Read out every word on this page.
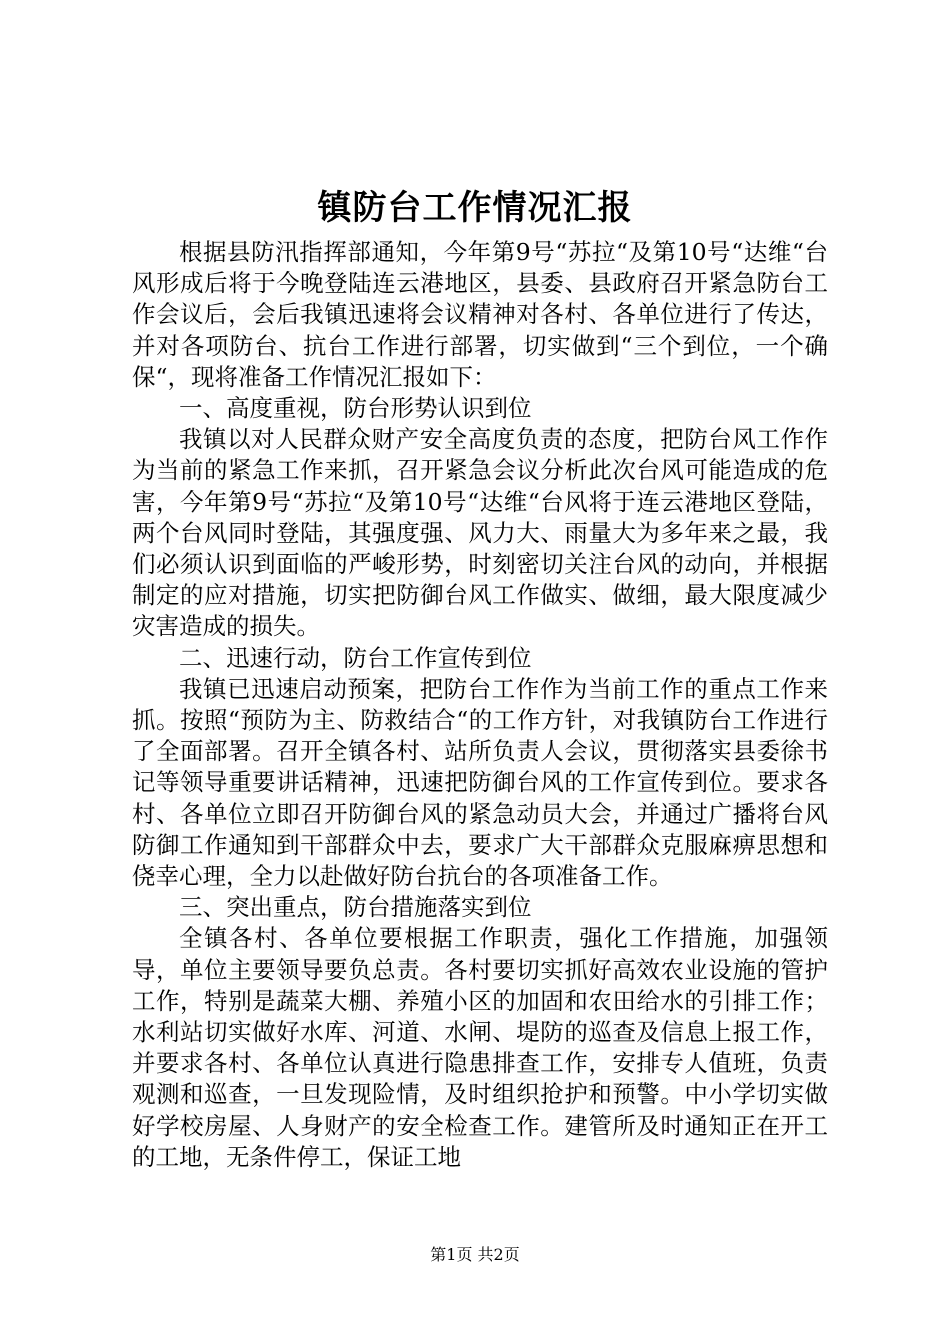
镇防台工作情况汇报

根据县防汛指挥部通知，今年第9号“苏拉“及第10号“达维“台风形成后将于今晚登陆连云港地区，县委、县政府召开紧急防台工作会议后，会后我镇迅速将会议精神对各村、各单位进行了传达，并对各项防台、抗台工作进行部署，切实做到“三个到位，一个确保“，现将准备工作情况汇报如下：

一、高度重视，防台形势认识到位

我镇以对人民群众财产安全高度负责的态度，把防台风工作作为当前的紧急工作来抓，召开紧急会议分析此次台风可能造成的危害，今年第9号“苏拉“及第10号“达维“台风将于连云港地区登陆，两个台风同时登陆，其强度强、风力大、雨量大为多年来之最，我们必须认识到面临的严峻形势，时刻密切关注台风的动向，并根据制定的应对措施，切实把防御台风工作做实、做细，最大限度减少灾害造成的损失。

二、迅速行动，防台工作宣传到位

我镇已迅速启动预案，把防台工作作为当前工作的重点工作来抓。按照“预防为主、防救结合“的工作方针，对我镇防台工作进行了全面部署。召开全镇各村、站所负责人会议，贯彻落实县委徐书记等领导重要讲话精神，迅速把防御台风的工作宣传到位。要求各村、各单位立即召开防御台风的紧急动员大会，并通过广播将台风防御工作通知到干部群众中去，要求广大干部群众克服麻痹思想和侥幸心理，全力以赴做好防台抗台的各项准备工作。

三、突出重点，防台措施落实到位

全镇各村、各单位要根据工作职责，强化工作措施，加强领导，单位主要领导要负总责。各村要切实抓好高效农业设施的管护工作，特别是蔬菜大棚、养殖小区的加固和农田给水的引排工作；水利站切实做好水库、河道、水闸、堤防的巡查及信息上报工作，并要求各村、各单位认真进行隐患排查工作，安排专人值班，负责观测和巡查，一旦发现险情，及时组织抢护和预警。中小学切实做好学校房屋、人身财产的安全检查工作。建管所及时通知正在开工的工地，无条件停工，保证工地

第1页 共2页
